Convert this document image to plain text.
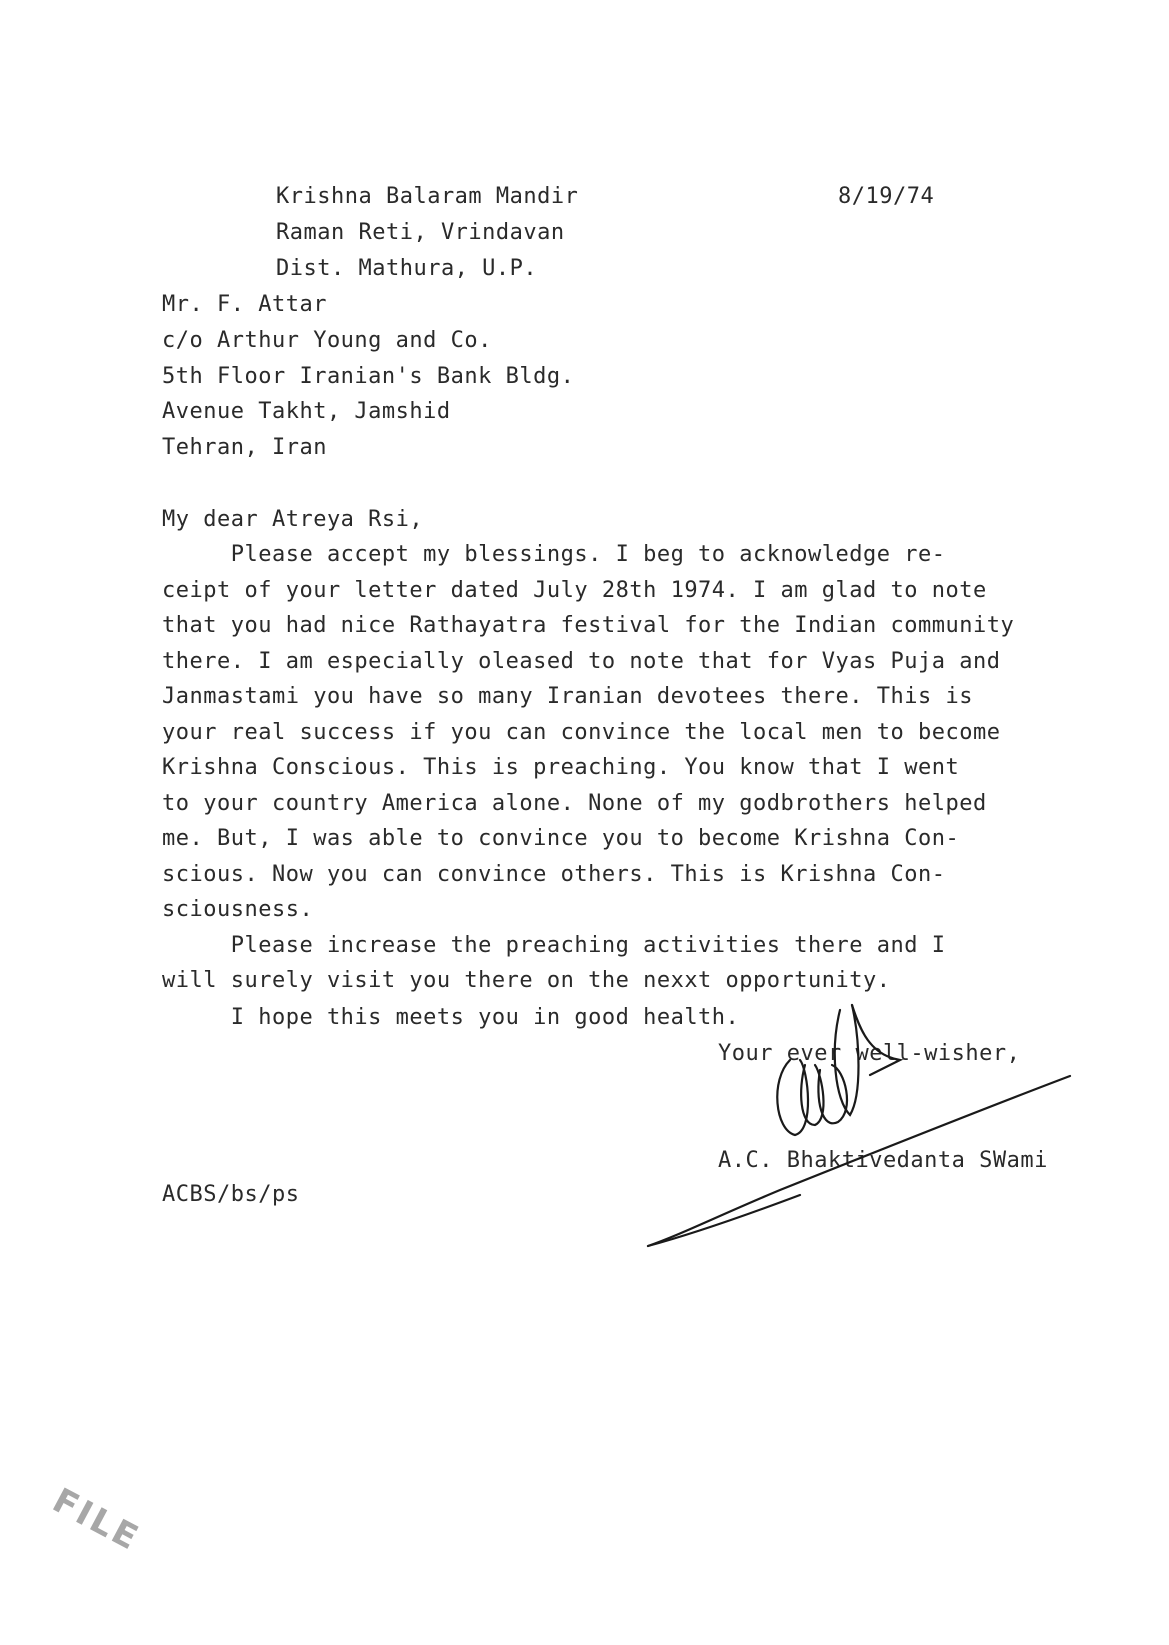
Krishna Balaram Mandir
Raman Reti, Vrindavan
Dist. Mathura, U.P.
8/19/74
Mr. F. Attar
c/o Arthur Young and Co.
5th Floor Iranian's Bank Bldg.
Avenue Takht, Jamshid
Tehran, Iran
My dear Atreya Rsi,
Please accept my blessings. I beg to acknowledge re-
ceipt of your letter dated July 28th 1974. I am glad to note
that you had nice Rathayatra festival for the Indian community
there. I am especially oleased to note that for Vyas Puja and
Janmastami you have so many Iranian devotees there. This is
your real success if you can convince the local men to become
Krishna Conscious. This is preaching. You know that I went
to your country America alone. None of my godbrothers helped
me. But, I was able to convince you to become Krishna Con-
scious. Now you can convince others. This is Krishna Con-
sciousness.
Please increase the preaching activities there and I
will surely visit you there on the nexxt opportunity.
I hope this meets you in good health.
Your ever well-wisher,
A.C. Bhaktivedanta SWami
ACBS/bs/ps
FILE
